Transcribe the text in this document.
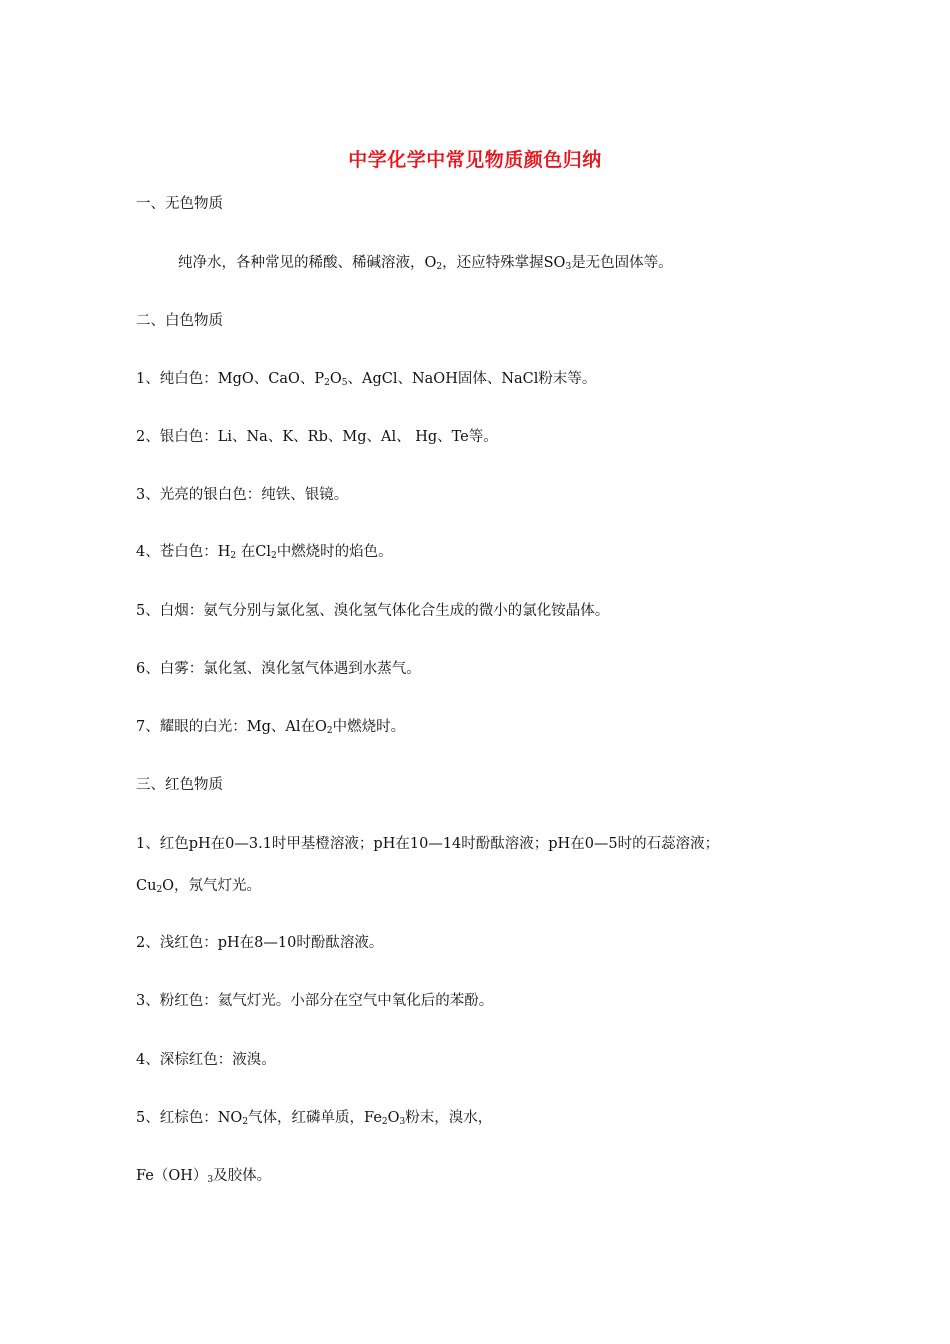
中学化学中常见物质颜色归纳
一、无色物质
纯净水，各种常见的稀酸、稀碱溶液，$O_2$，还应特殊掌握$SO_3$是无色固体等。
二、白色物质
1、纯白色：MgO、CaO、$P_2O_5$、AgCl、NaOH固体、NaCl粉末等。
2、银白色：Li、Na、K、Rb、Mg、Al、 Hg、Te等。
3、光亮的银白色：纯铁、银镜。
4、苍白色：$H_2$ 在$Cl_2$中燃烧时的焰色。
5、白烟：氨气分别与氯化氢、溴化氢气体化合生成的微小的氯化铵晶体。
6、白雾：氯化氢、溴化氢气体遇到水蒸气。
7、耀眼的白光：Mg、Al在$O_2$中燃烧时。
三、红色物质
1、红色pH在0—3.1时甲基橙溶液；pH在10—14时酚酞溶液；pH在0—5时的石蕊溶液；
$Cu_2O$，氖气灯光。
2、浅红色：pH在8—10时酚酞溶液。
3、粉红色：氦气灯光。小部分在空气中氧化后的苯酚。
4、深棕红色：液溴。
5、红棕色：$NO_2$气体，红磷单质，$Fe_2O_3$粉末，溴水，
$Fe(OH)_3$及胶体。
